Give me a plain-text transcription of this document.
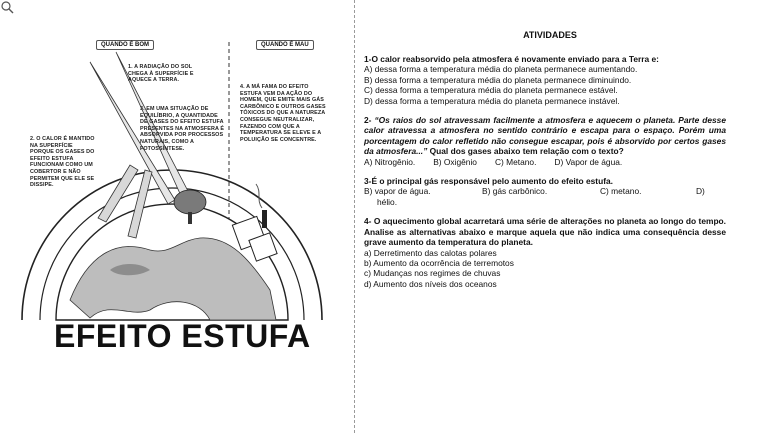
QUANDO É BOM	QUANDO É MAU
1. A RADIAÇÃO DO SOL CHEGA À SUPERFÍCIE E AQUECE A TERRA.
2. O CALOR É MANTIDO NA SUPERFÍCIE PORQUE OS GASES DO EFEITO ESTUFA FUNCIONAM COMO UM COBERTOR E NÃO PERMITEM QUE ELE SE DISSIPE.
3. EM UMA SITUAÇÃO DE EQUILÍBRIO, A QUANTIDADE DE GASES DO EFEITO ESTUFA PRESENTES NA ATMOSFERA É ABSORVIDA POR PROCESSOS NATURAIS, COMO A FOTOSSÍNTESE.
4. A MÁ FAMA DO EFEITO ESTUFA VEM DA AÇÃO DO HOMEM, QUE EMITE MAIS GÁS CARBÔNICO E OUTROS GASES TÓXICOS DO QUE A NATUREZA CONSEGUE NEUTRALIZAR, FAZENDO COM QUE A TEMPERATURA SE ELEVE E A POLUIÇÃO SE CONCENTRE.
EFEITO ESTUFA
ATIVIDADES

1-O calor reabsorvido pela atmosfera é novamente enviado para a Terra e:

A) dessa forma a temperatura média do planeta permanece aumentando.

B) dessa forma a temperatura média do planeta permanece diminuindo.

C) dessa forma a temperatura média do planeta permanece estável.

D) dessa forma a temperatura média do planeta permanece instável.

2- “Os raios do sol atravessam facilmente a atmosfera e aquecem o planeta. Parte desse calor atravessa a atmosfera no sentido contrário e escapa para o espaço. Porém uma porcentagem do calor refletido não consegue escapar, pois é absorvido por certos gases da atmosfera...” Qual dos gases abaixo tem relação com o texto?

A) Nitrogênio. B) Oxigênio C) Metano. D) Vapor de água.

3-É o principal gás responsável pelo aumento do efeito estufa.

B) vapor de água.	B) gás carbônico.	C) metano.	D)

hélio.

4- O aquecimento global acarretará uma série de alterações no planeta ao longo do tempo. Analise as alternativas abaixo e marque aquela que não indica uma consequência desse grave aumento da temperatura do planeta.

a) Derretimento das calotas polares

b) Aumento da ocorrência de terremotos

c) Mudanças nos regimes de chuvas

d) Aumento dos níveis dos oceanos
